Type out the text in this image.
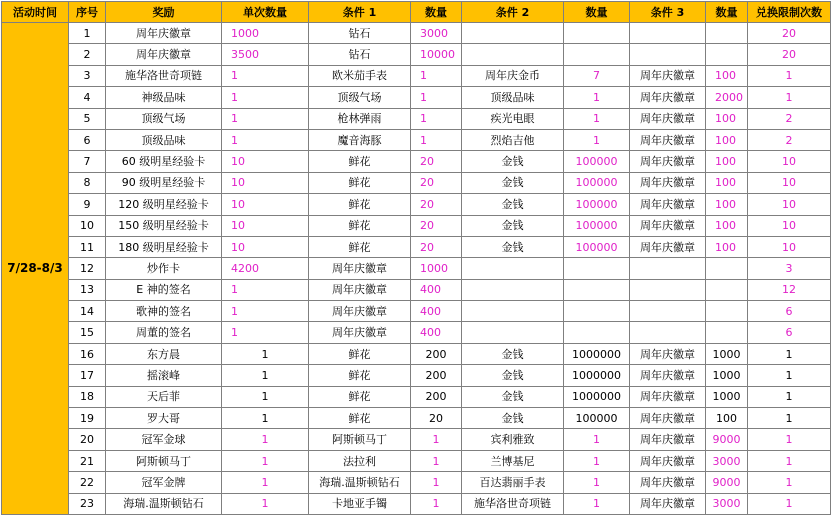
活动时间	序号	奖励	单次数量	条件 1	数量	条件 2	数量	条件 3	数量	兑换限制次数
7/28-8/3	1	周年庆徽章	1000	钻石	3000					20
	2	周年庆徽章	3500	钻石	10000					20
	3	施华洛世奇项链	1	欧米茄手表	1	周年庆金币	7	周年庆徽章	100	1
	4	神级品味	1	顶级气场	1	顶级品味	1	周年庆徽章	2000	1
	5	顶级气场	1	枪林弹雨	1	疾光电眼	1	周年庆徽章	100	2
	6	顶级品味	1	魔音海豚	1	烈焰吉他	1	周年庆徽章	100	2
	7	60 级明星经验卡	10	鲜花	20	金钱	100000	周年庆徽章	100	10
	8	90 级明星经验卡	10	鲜花	20	金钱	100000	周年庆徽章	100	10
	9	120 级明星经验卡	10	鲜花	20	金钱	100000	周年庆徽章	100	10
	10	150 级明星经验卡	10	鲜花	20	金钱	100000	周年庆徽章	100	10
	11	180 级明星经验卡	10	鲜花	20	金钱	100000	周年庆徽章	100	10
	12	炒作卡	4200	周年庆徽章	1000					3
	13	E 神的签名	1	周年庆徽章	400					12
	14	歌神的签名	1	周年庆徽章	400					6
	15	周董的签名	1	周年庆徽章	400					6
	16	东方晨	1	鲜花	200	金钱	1000000	周年庆徽章	1000	1
	17	摇滚峰	1	鲜花	200	金钱	1000000	周年庆徽章	1000	1
	18	天后菲	1	鲜花	200	金钱	1000000	周年庆徽章	1000	1
	19	罗大哥	1	鲜花	20	金钱	100000	周年庆徽章	100	1
	20	冠军金球	1	阿斯顿马丁	1	宾利雅致	1	周年庆徽章	9000	1
	21	阿斯顿马丁	1	法拉利	1	兰博基尼	1	周年庆徽章	3000	1
	22	冠军金牌	1	海瑞.温斯顿钻石	1	百达翡丽手表	1	周年庆徽章	9000	1
	23	海瑞.温斯顿钻石	1	卡地亚手镯	1	施华洛世奇项链	1	周年庆徽章	3000	1
